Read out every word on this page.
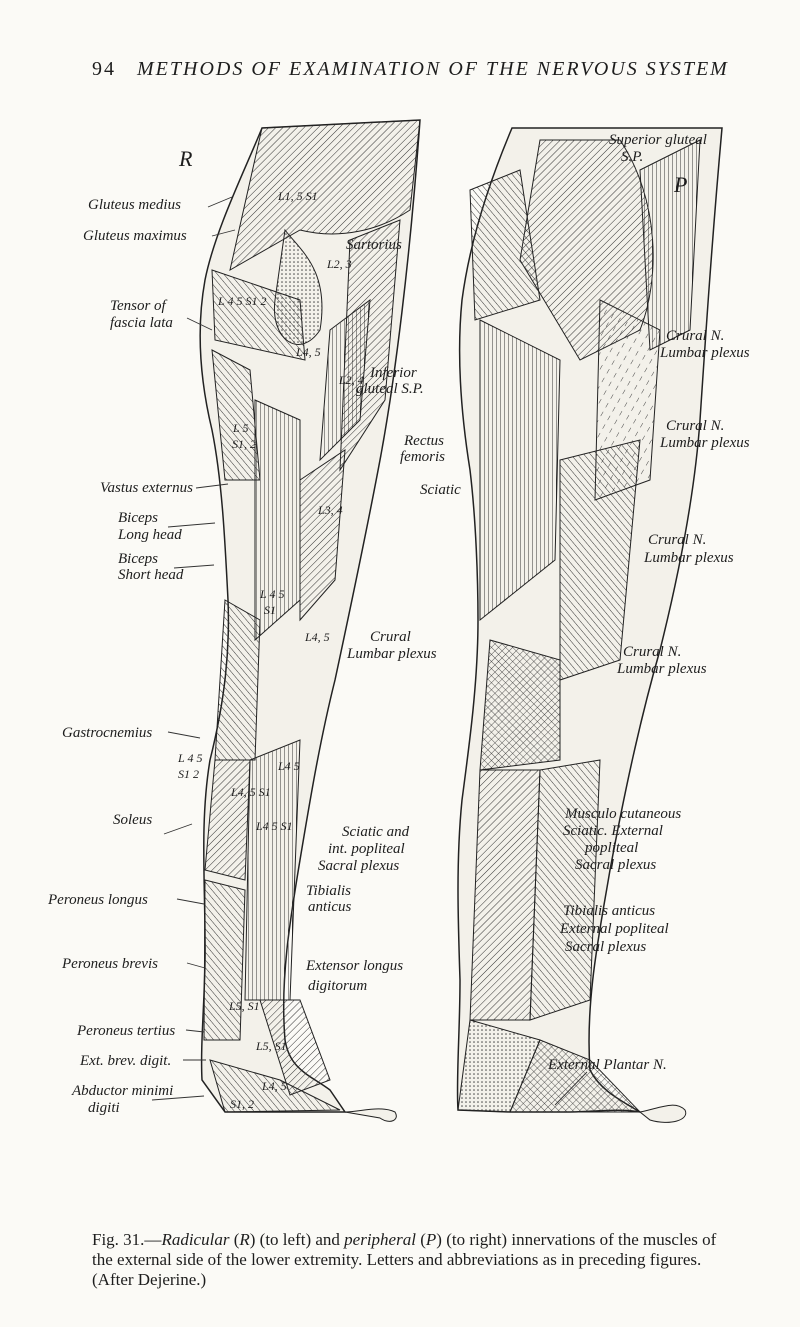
94 METHODS OF EXAMINATION OF THE NERVOUS SYSTEM
R
P
Gluteus medius
Gluteus maximus
Tensor of
fascia lata
Vastus externus
Biceps
Long head
Biceps
Short head
Gastrocnemius
Soleus
Peroneus longus
Peroneus brevis
Peroneus tertius
Ext. brev. digit.
Abductor minimi
digiti
Sartorius
Inferior
gluteal S.P.
Rectus
femoris
Sciatic
Crural
Lumbar plexus
Sciatic and
int. popliteal
Sacral plexus
Tibialis
anticus
Extensor longus
digitorum
Superior gluteal
S.P.
Crural N.
Lumbar plexus
Crural N.
Lumbar plexus
Crural N.
Lumbar plexus
Crural N.
Lumbar plexus
Musculo cutaneous
Sciatic. External
popliteal
Sacral plexus
Tibialis anticus
External popliteal
Sacral plexus
External Plantar N.
L1, 5 S1
L 4 5 S1 2
L2, 3
L4, 5
L2, 4
L 5
S1, 2
L3, 4
L 4 5
S1
L4, 5
L 4 5
S1 2
L4, 5 S1
L4 5 S1
L4 5
L5, S1
L5, S1
L4, 5
S1, 2
Fig. 31.—Radicular (R) (to left) and peripheral (P) (to right) innervations of the muscles of the external side of the lower extremity. Letters and abbreviations as in preceding figures. (After Dejerine.)
